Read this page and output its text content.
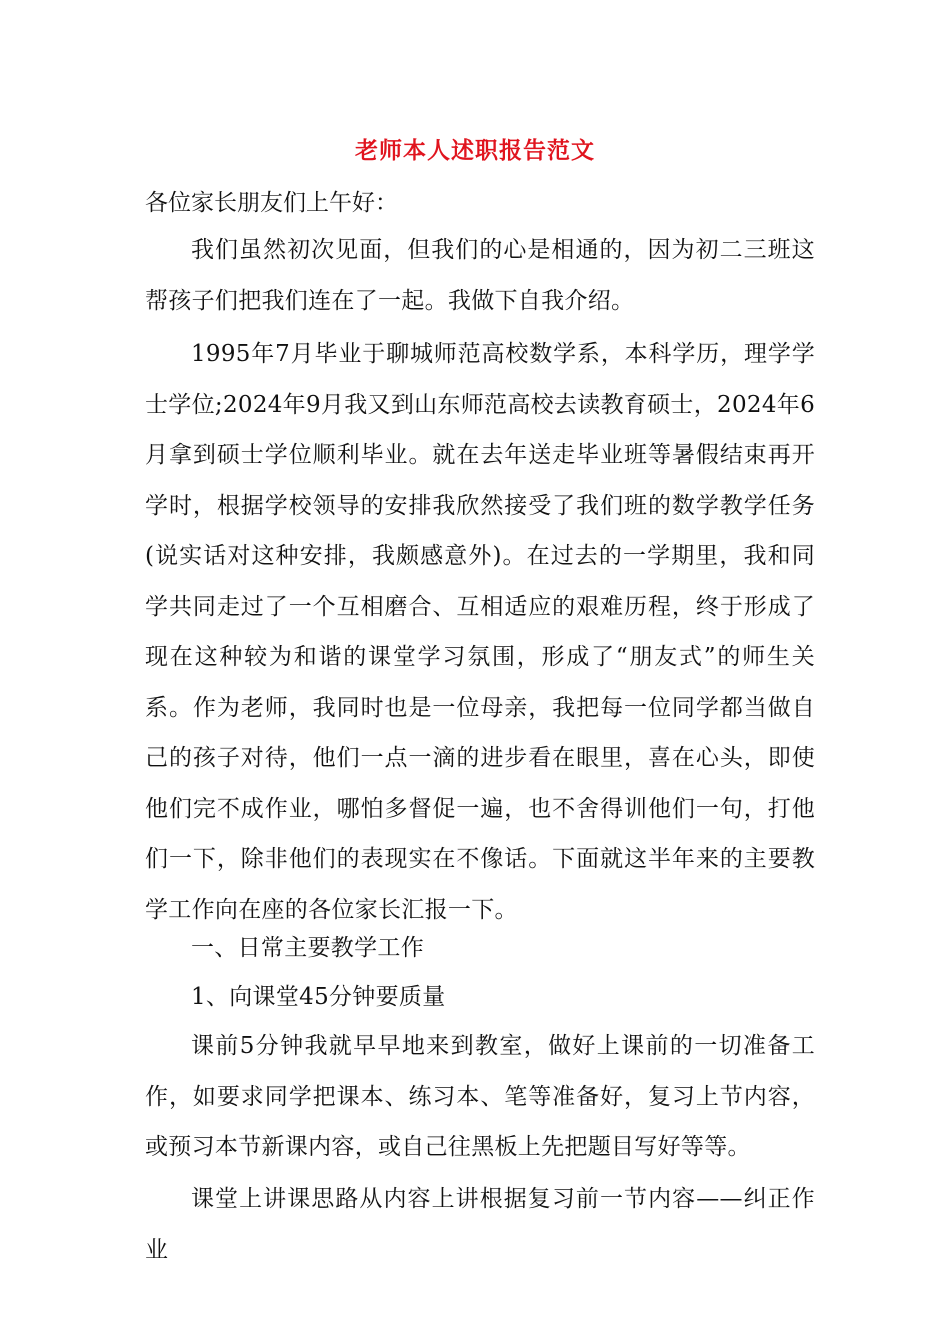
老师本人述职报告范文
各位家长朋友们上午好：
我们虽然初次见面，但我们的心是相通的，因为初二三班这帮孩子们把我们连在了一起。我做下自我介绍。
1995年7月毕业于聊城师范高校数学系，本科学历，理学学士学位;2024年9月我又到山东师范高校去读教育硕士，2024年6月拿到硕士学位顺利毕业。就在去年送走毕业班等暑假结束再开学时，根据学校领导的安排我欣然接受了我们班的数学教学任务(说实话对这种安排，我颇感意外)。在过去的一学期里，我和同学共同走过了一个互相磨合、互相适应的艰难历程，终于形成了现在这种较为和谐的课堂学习氛围，形成了“朋友式”的师生关系。作为老师，我同时也是一位母亲，我把每一位同学都当做自己的孩子对待，他们一点一滴的进步看在眼里，喜在心头，即使他们完不成作业，哪怕多督促一遍，也不舍得训他们一句，打他们一下，除非他们的表现实在不像话。下面就这半年来的主要教学工作向在座的各位家长汇报一下。
一、日常主要教学工作
1、向课堂45分钟要质量
课前5分钟我就早早地来到教室，做好上课前的一切准备工作，如要求同学把课本、练习本、笔等准备好，复习上节内容，或预习本节新课内容，或自己往黑板上先把题目写好等等。
课堂上讲课思路从内容上讲根据复习前一节内容——纠正作业
